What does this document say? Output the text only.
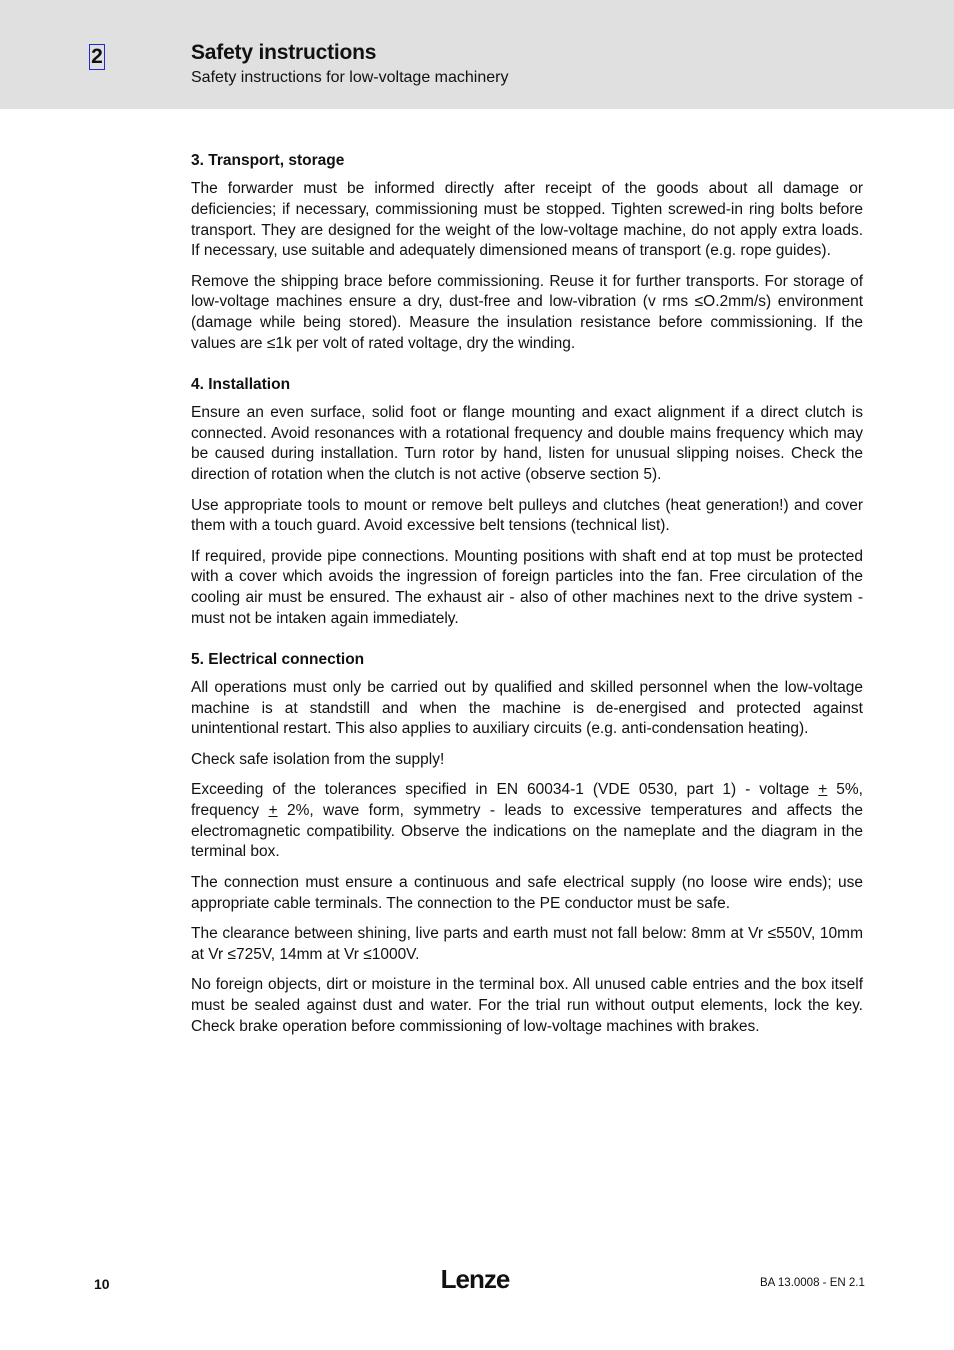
2	Safety instructions
Safety instructions for low-voltage machinery
3. Transport, storage

The forwarder must be informed directly after receipt of the goods about all damage or deficiencies; if necessary, commissioning must be stopped. Tighten screwed-in ring bolts before transport. They are designed for the weight of the low-voltage machine, do not apply extra loads. If necessary, use suitable and adequately dimensioned means of transport (e.g. rope guides).

Remove the shipping brace before commissioning. Reuse it for further transports. For storage of low-voltage machines ensure a dry, dust-free and low-vibration (v rms ≤O.2mm/s) environment (damage while being stored). Measure the insulation resistance before commissioning. If the values are ≤1k per volt of rated voltage, dry the winding.

4. Installation

Ensure an even surface, solid foot or flange mounting and exact alignment if a direct clutch is connected. Avoid resonances with a rotational frequency and double mains frequency which may be caused during installation. Turn rotor by hand, listen for unusual slipping noises. Check the direction of rotation when the clutch is not active (observe section 5).

Use appropriate tools to mount or remove belt pulleys and clutches (heat generation!) and cover them with a touch guard. Avoid excessive belt tensions (technical list).

If required, provide pipe connections. Mounting positions with shaft end at top must be protected with a cover which avoids the ingression of foreign particles into the fan. Free circulation of the cooling air must be ensured. The exhaust air - also of other machines next to the drive system - must not be intaken again immediately.

5. Electrical connection

All operations must only be carried out by qualified and skilled personnel when the low-voltage machine is at standstill and when the machine is de-energised and protected against unintentional restart. This also applies to auxiliary circuits (e.g. anti-condensation heating).

Check safe isolation from the supply!

Exceeding of the tolerances specified in EN 60034-1 (VDE 0530, part 1) - voltage + 5%, frequency + 2%, wave form, symmetry - leads to excessive temperatures and affects the electromagnetic compatibility. Observe the indications on the nameplate and the diagram in the terminal box.

The connection must ensure a continuous and safe electrical supply (no loose wire ends); use appropriate cable terminals. The connection to the PE conductor must be safe.

The clearance between shining, live parts and earth must not fall below: 8mm at Vr ≤550V, 10mm at Vr ≤725V, 14mm at Vr ≤1000V.

No foreign objects, dirt or moisture in the terminal box. All unused cable entries and the box itself must be sealed against dust and water. For the trial run without output elements, lock the key. Check brake operation before commissioning of low-voltage machines with brakes.

10	Lenze	BA 13.0008 - EN 2.1
